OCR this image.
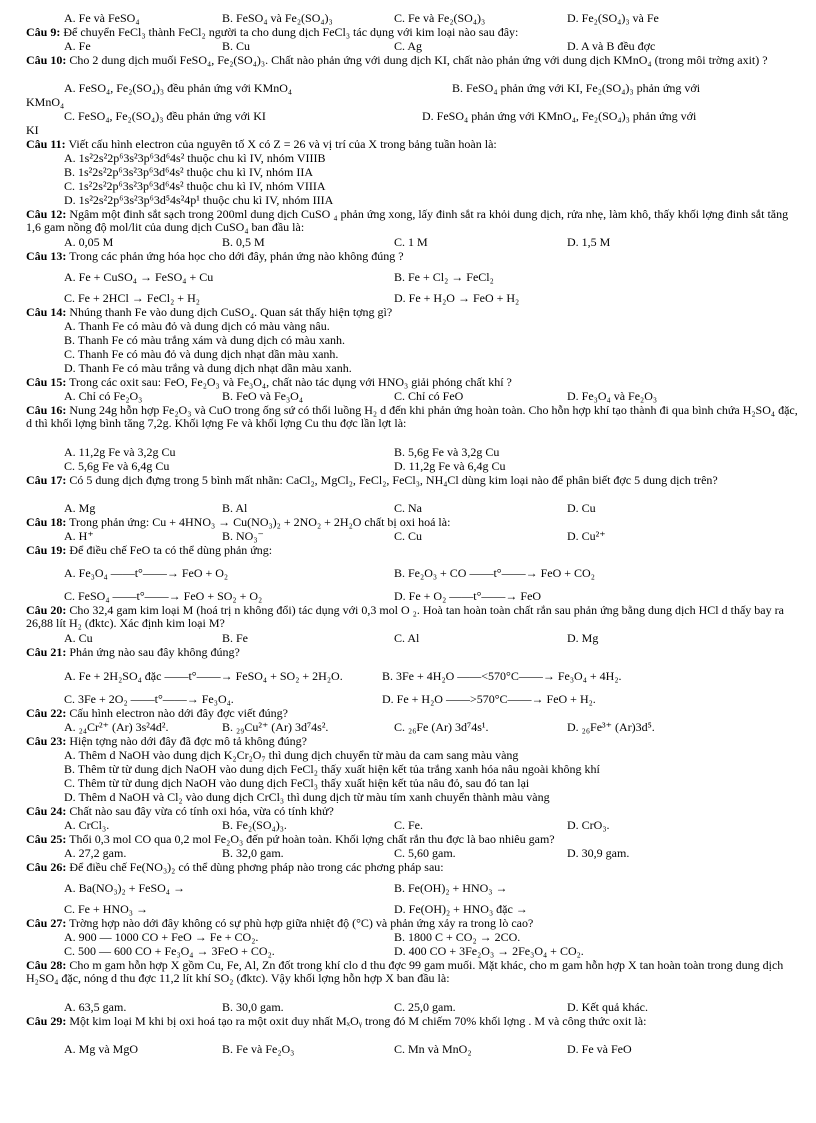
A. Fe và FeSO₄	B. FeSO₄ và Fe₂(SO₄)₃	C. Fe và Fe₂(SO₄)₃	D. Fe₂(SO₄)₃ và Fe
Câu 9: Để chuyển FeCl₃ thành FeCl₂ người ta cho dung dịch FeCl₃ tác dụng với kim loại nào sau đây:
A. Fe	B. Cu	C. Ag	D. A và B đều đợc
Câu 10: Cho 2 dung dịch muối FeSO₄, Fe₂(SO₄)₃. Chất nào phản ứng với dung dịch KI, chất nào phản ứng với dung dịch KMnO₄ (trong môi trờng axit) ?
A. FeSO₄, Fe₂(SO₄)₃ đều phản ứng với KMnO₄	B. FeSO₄ phản ứng với KI, Fe₂(SO₄)₃ phản ứng với
KMnO₄
C. FeSO₄, Fe₂(SO₄)₃ đều phản ứng với KI	D. FeSO₄ phản ứng với KMnO₄, Fe₂(SO₄)₃ phản ứng với
KI
Câu 11: Viết cấu hình electron của nguyên tố X có Z = 26 và vị trí của X trong bảng tuần hoàn là:
A. 1s²2s²2p⁶3s²3p⁶3d⁶4s² thuộc chu kì IV, nhóm VIIIB
B. 1s²2s²2p⁶3s²3p⁶3d⁶4s² thuộc chu kì IV, nhóm IIA
C. 1s²2s²2p⁶3s²3p⁶3d⁶4s² thuộc chu kì IV, nhóm VIIIA
D. 1s²2s²2p⁶3s²3p⁶3d⁵4s²4p¹ thuộc chu kì IV, nhóm IIIA
Câu 12: Ngâm một đinh sắt sạch trong 200ml dung dịch CuSO ₄ phản ứng xong, lấy đinh sắt ra khỏi dung dịch, rửa nhẹ, làm khô, thấy khối lợng đinh sắt tăng 1,6 gam nồng độ mol/lit của dung dịch CuSO₄ ban đầu là:
A. 0,05 M	B. 0,5 M	C. 1 M	D. 1,5 M
Câu 13: Trong các phản ứng hóa học cho dới đây, phản ứng nào không đúng ?
A. Fe + CuSO₄ → FeSO₄ + Cu	B. Fe + Cl₂ → FeCl₂
C. Fe + 2HCl → FeCl₂ + H₂	D. Fe + H₂O → FeO + H₂
Câu 14: Nhúng thanh Fe vào dung dịch CuSO₄. Quan sát thấy hiện tợng gì?
A. Thanh Fe có màu đỏ và dung dịch có màu vàng nâu.
B. Thanh Fe có màu trắng xám và dung dịch có màu xanh.
C. Thanh Fe có màu đỏ và dung dịch nhạt dần màu xanh.
D. Thanh Fe có màu trắng và dung dịch nhạt dần màu xanh.
Câu 15: Trong các oxit sau: FeO, Fe₂O₃ và Fe₃O₄, chất nào tác dụng với HNO₃ giải phóng chất khí ?
A. Chỉ có Fe₂O₃	B. FeO và Fe₃O₄	C. Chỉ có FeO	D. Fe₃O₄ và Fe₂O₃
Câu 16: Nung 24g hỗn hợp Fe₂O₃ và CuO trong ống sứ có thổi luồng H₂ d đến khi phản ứng hoàn toàn. Cho hỗn hợp khí tạo thành đi qua bình chứa H₂SO₄ đặc, d thì khối lợng bình tăng 7,2g. Khối lợng Fe và khối lợng Cu thu đợc lần lợt là:
A. 11,2g Fe và 3,2g Cu	B. 5,6g Fe và 3,2g Cu
C. 5,6g Fe và 6,4g Cu	D. 11,2g Fe và 6,4g Cu
Câu 17: Có 5 dung dịch đựng trong 5 bình mất nhãn: CaCl₂, MgCl₂, FeCl₂, FeCl₃, NH₄Cl dùng kim loại nào để phân biết đợc 5 dung dịch trên?
A. Mg	B. Al	C. Na	D. Cu
Câu 18: Trong phản ứng: Cu + 4HNO₃ → Cu(NO₃)₂ + 2NO₂ + 2H₂O chất bị oxi hoá là:
A. H⁺	B. NO₃⁻	C. Cu	D. Cu²⁺
Câu 19: Để điều chế FeO ta có thể dùng phản ứng:
A. Fe₃O₄ ——t°——→ FeO + O₂	B. Fe₂O₃ + CO ——t°——→ FeO + CO₂
C. FeSO₄ ——t°——→ FeO + SO₂ + O₂	D. Fe + O₂ ——t°——→ FeO
Câu 20: Cho 32,4 gam kim loại M (hoá trị n không đổi) tác dụng với 0,3 mol O ₂. Hoà tan hoàn toàn chất rắn sau phản ứng bằng dung dịch HCl d thấy bay ra 26,88 lít H₂ (đktc). Xác định kim loại M?
A. Cu	B. Fe	C. Al	D. Mg
Câu 21: Phản ứng nào sau đây không đúng?
A. Fe + 2H₂SO₄ đặc ——t°——→ FeSO₄ + SO₂ + 2H₂O.	B. 3Fe + 4H₂O ——<570°C——→ Fe₃O₄ + 4H₂.
C. 3Fe + 2O₂ ——t°——→ Fe₃O₄.	D. Fe + H₂O ——>570°C——→ FeO + H₂.
Câu 22: Cấu hình electron nào dới đây đợc viết đúng?
A. ₂₄Cr²⁺ (Ar) 3s²4d².	B. ₂₉Cu²⁺ (Ar) 3d⁷4s².	C. ₂₆Fe (Ar) 3d⁷4s¹.	D. ₂₆Fe³⁺ (Ar)3d⁵.
Câu 23: Hiện tợng nào dới đây đã đợc mô tả không đúng?
A. Thêm d NaOH vào dung dịch K₂Cr₂O₇ thì dung dịch chuyển từ màu da cam sang màu vàng
B. Thêm từ từ dung dịch NaOH vào dung dịch FeCl₂ thấy xuất hiện kết tủa trắng xanh hóa nâu ngoài không khí
C. Thêm từ từ dung dịch NaOH vào dung dịch FeCl₃ thấy xuất hiện kết tủa nâu đỏ, sau đó tan lại
D. Thêm d NaOH và Cl₂ vào dung dịch CrCl₃ thì dung dịch từ màu tím xanh chuyển thành màu vàng
Câu 24: Chất nào sau đây vừa có tính oxi hóa, vừa có tính khử?
A. CrCl₃.	B. Fe₂(SO₄)₃.	C. Fe.	D. CrO₃.
Câu 25: Thổi 0,3 mol CO qua 0,2 mol Fe₂O₃ đến pứ hoàn toàn. Khối lợng chất rắn thu đợc là bao nhiêu gam?
A. 27,2 gam.	B. 32,0 gam.	C. 5,60 gam.	D. 30,9 gam.
Câu 26: Để điều chế Fe(NO₃)₂ có thể dùng phơng pháp nào trong các phơng pháp sau:
A. Ba(NO₃)₂ + FeSO₄ →	B. Fe(OH)₂ + HNO₃ →
C. Fe + HNO₃ →	D. Fe(OH)₂ + HNO₃ đặc →
Câu 27: Trờng hợp nào dới đây không có sự phù hợp giữa nhiệt độ (°C) và phản ứng xảy ra trong lò cao?
A. 900 — 1000 CO + FeO → Fe + CO₂.	B. 1800 C + CO₂ → 2CO.
C. 500 — 600 CO + Fe₃O₄ → 3FeO + CO₂.	D. 400 CO + 3Fe₂O₃ → 2Fe₃O₄ + CO₂.
Câu 28: Cho m gam hỗn hợp X gồm Cu, Fe, Al, Zn đốt trong khí clo d thu đợc 99 gam muối. Mặt khác, cho m gam hỗn hợp X tan hoàn toàn trong dung dịch H₂SO₄ đặc, nóng d thu đợc 11,2 lít khí SO₂ (đktc). Vậy khối lợng hỗn hợp X ban đầu là:
A. 63,5 gam.	B. 30,0 gam.	C. 25,0 gam.	D. Kết quả khác.
Câu 29: Một kim loại M khi bị oxi hoá tạo ra một oxit duy nhất MₓOᵧ trong đó M chiếm 70% khối lợng . M và công thức oxit là:
A. Mg và MgO	B. Fe và Fe₂O₃	C. Mn và MnO₂	D. Fe và FeO
